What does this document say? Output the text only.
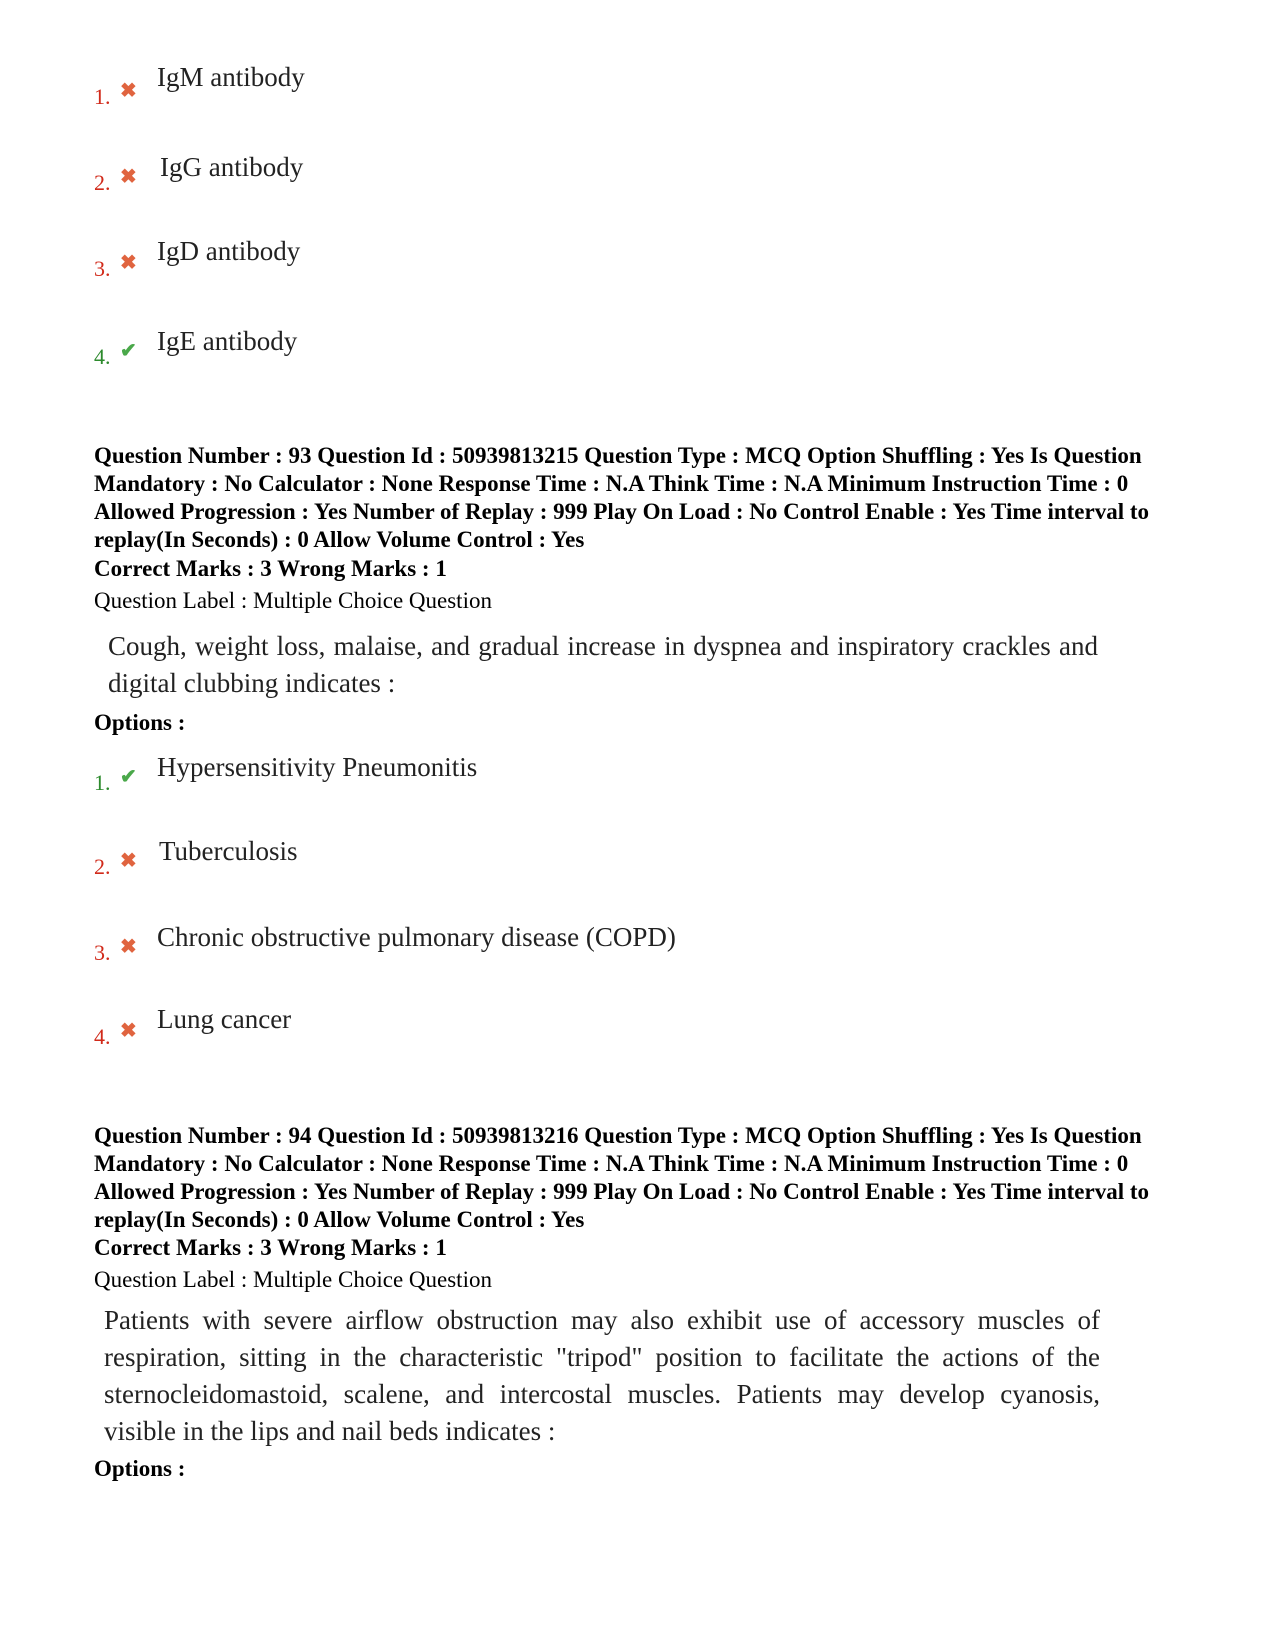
1. ✖ IgM antibody
2. ✖ IgG antibody
3. ✖ IgD antibody
4. ✔ IgE antibody
Question Number : 93 Question Id : 50939813215 Question Type : MCQ Option Shuffling : Yes Is Question Mandatory : No Calculator : None Response Time : N.A Think Time : N.A Minimum Instruction Time : 0 Allowed Progression : Yes Number of Replay : 999 Play On Load : No Control Enable : Yes Time interval to replay(In Seconds) : 0 Allow Volume Control : Yes
Correct Marks : 3 Wrong Marks : 1
Question Label : Multiple Choice Question
Cough, weight loss, malaise, and gradual increase in dyspnea and inspiratory crackles and digital clubbing indicates :
Options :
1. ✔ Hypersensitivity Pneumonitis
2. ✖ Tuberculosis
3. ✖ Chronic obstructive pulmonary disease (COPD)
4. ✖ Lung cancer
Question Number : 94 Question Id : 50939813216 Question Type : MCQ Option Shuffling : Yes Is Question Mandatory : No Calculator : None Response Time : N.A Think Time : N.A Minimum Instruction Time : 0 Allowed Progression : Yes Number of Replay : 999 Play On Load : No Control Enable : Yes Time interval to replay(In Seconds) : 0 Allow Volume Control : Yes
Correct Marks : 3 Wrong Marks : 1
Question Label : Multiple Choice Question
Patients with severe airflow obstruction may also exhibit use of accessory muscles of respiration, sitting in the characteristic "tripod" position to facilitate the actions of the sternocleidomastoid, scalene, and intercostal muscles. Patients may develop cyanosis, visible in the lips and nail beds indicates :
Options :
